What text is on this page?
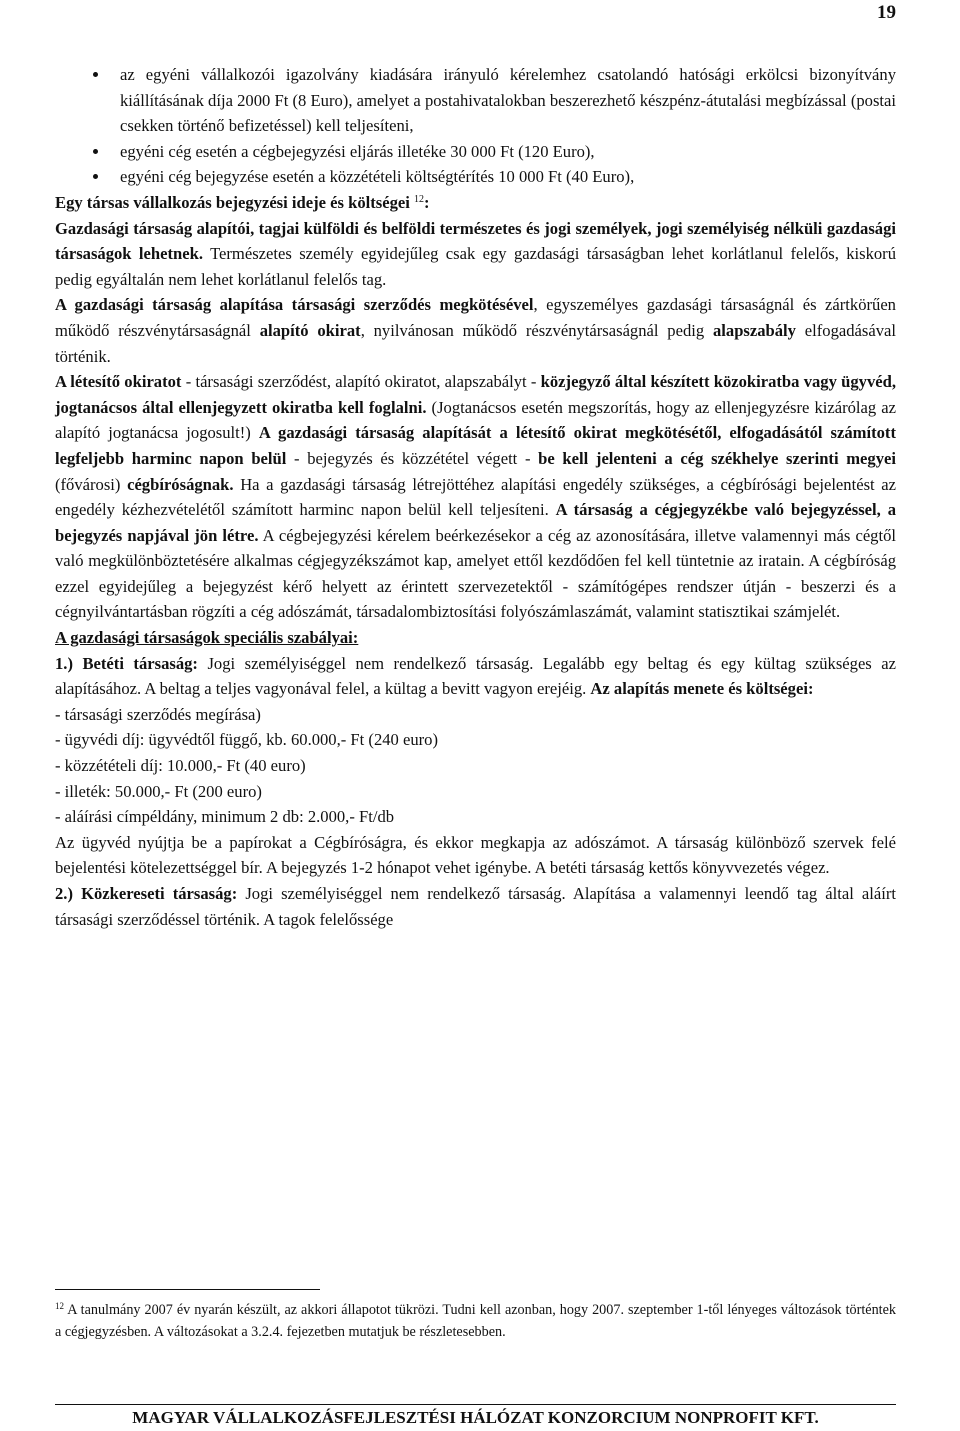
19
az egyéni vállalkozói igazolvány kiadására irányuló kérelemhez csatolandó hatósági erkölcsi bizonyítvány kiállításának díja 2000 Ft (8 Euro), amelyet a postahivatalokban beszerezhető készpénz-átutalási megbízással (postai csekken történő befizetéssel) kell teljesíteni,
egyéni cég esetén a cégbejegyzési eljárás illetéke 30 000 Ft (120 Euro),
egyéni cég bejegyzése esetén a közzétételi költségtérítés 10 000 Ft (40 Euro),

Egy társas vállalkozás bejegyzési ideje és költségei $^{12}$:

Gazdasági társaság alapítói, tagjai külföldi és belföldi természetes és jogi személyek, jogi személyiség nélküli gazdasági társaságok lehetnek. Természetes személy egyidejűleg csak egy gazdasági társaságban lehet korlátlanul felelős, kiskorú pedig egyáltalán nem lehet korlátlanul felelős tag.

A gazdasági társaság alapítása társasági szerződés megkötésével, egyszemélyes gazdasági társaságnál és zártkörűen működő részvénytársaságnál alapító okirat, nyilvánosan működő részvénytársaságnál pedig alapszabály elfogadásával történik.

A létesítő okiratot - társasági szerződést, alapító okiratot, alapszabályt - közjegyző által készített közokiratba vagy ügyvéd, jogtanácsos által ellenjegyzett okiratba kell foglalni. (Jogtanácsos esetén megszorítás, hogy az ellenjegyzésre kizárólag az alapító jogtanácsa jogosult!) A gazdasági társaság alapítását a létesítő okirat megkötésétől, elfogadásától számított legfeljebb harminc napon belül - bejegyzés és közzététel végett - be kell jelenteni a cég székhelye szerinti megyei (fővárosi) cégbíróságnak. Ha a gazdasági társaság létrejöttéhez alapítási engedély szükséges, a cégbírósági bejelentést az engedély kézhezvételétől számított harminc napon belül kell teljesíteni. A társaság a cégjegyzékbe való bejegyzéssel, a bejegyzés napjával jön létre. A cégbejegyzési kérelem beérkezésekor a cég az azonosítására, illetve valamennyi más cégtől való megkülönböztetésére alkalmas cégjegyzékszámot kap, amelyet ettől kezdődően fel kell tüntetnie az iratain. A cégbíróság ezzel egyidejűleg a bejegyzést kérő helyett az érintett szervezetektől - számítógépes rendszer útján - beszerzi és a cégnyilvántartásban rögzíti a cég adószámát, társadalombiztosítási folyószámlaszámát, valamint statisztikai számjelét.

A gazdasági társaságok speciális szabályai:

1.) Betéti társaság: Jogi személyiséggel nem rendelkező társaság. Legalább egy beltag és egy kültag szükséges az alapításához. A beltag a teljes vagyonával felel, a kültag a bevitt vagyon erejéig. Az alapítás menete és költségei:

- társasági szerződés megírása)

- ügyvédi díj: ügyvédtől függő, kb. 60.000,- Ft (240 euro)

- közzétételi díj: 10.000,- Ft (40 euro)

- illeték: 50.000,- Ft (200 euro)

- aláírási címpéldány, minimum 2 db: 2.000,- Ft/db

Az ügyvéd nyújtja be a papírokat a Cégbíróságra, és ekkor megkapja az adószámot. A társaság különböző szervek felé bejelentési kötelezettséggel bír. A bejegyzés 1-2 hónapot vehet igénybe. A betéti társaság kettős könyvvezetés végez.

2.) Közkereseti társaság: Jogi személyiséggel nem rendelkező társaság. Alapítása a valamennyi leendő tag által aláírt társasági szerződéssel történik. A tagok felelőssége

$^{12}$ A tanulmány 2007 év nyarán készült, az akkori állapotot tükrözi. Tudni kell azonban, hogy 2007. szeptember 1-től lényeges változások történtek a cégjegyzésben. A változásokat a 3.2.4. fejezetben mutatjuk be részletesebben.
MAGYAR VÁLLALKOZÁSFEJLESZTÉSI HÁLÓZAT KONZORCIUM NONPROFIT KFT.
